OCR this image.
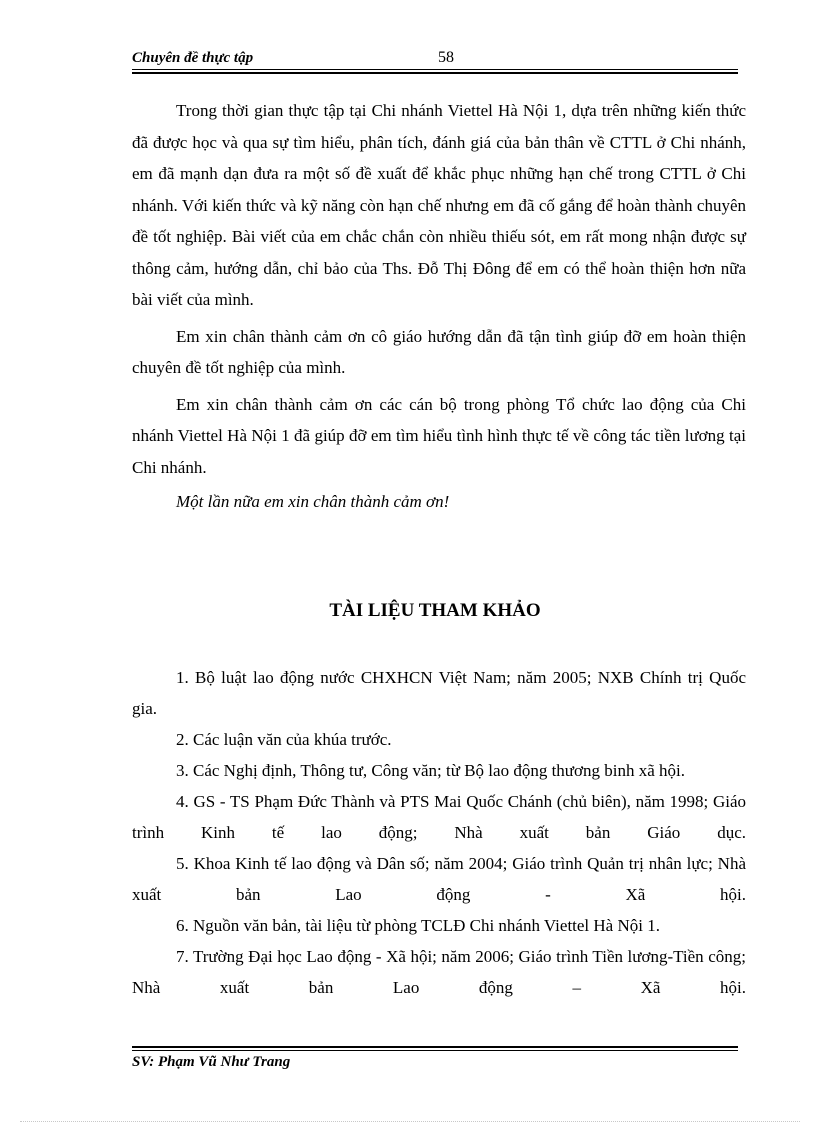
Chuyên đề thực tập	58

Trong thời gian thực tập tại Chi nhánh Viettel Hà Nội 1, dựa trên những kiến thức đã được học và qua sự tìm hiểu, phân tích, đánh giá của bản thân về CTTL ở Chi nhánh, em đã mạnh dạn đưa ra một số đề xuất để khắc phục những hạn chế trong CTTL ở Chi nhánh. Với kiến thức và kỹ năng còn hạn chế nhưng em đã cố gắng để hoàn thành chuyên đề tốt nghiệp. Bài viết của em chắc chắn còn nhiều thiếu sót, em rất mong nhận được sự thông cảm, hướng dẫn, chỉ bảo của Ths. Đỗ Thị Đông để em có thể hoàn thiện hơn nữa bài viết của mình.

Em xin chân thành cảm ơn cô giáo hướng dẫn đã tận tình giúp đỡ em hoàn thiện chuyên đề tốt nghiệp của mình.

Em xin chân thành cảm ơn các cán bộ trong phòng Tổ chức lao động của Chi nhánh Viettel Hà Nội 1 đã giúp đỡ em tìm hiểu tình hình thực tế về công tác tiền lương tại Chi nhánh.

Một lần nữa em xin chân thành cảm ơn!

TÀI LIỆU THAM KHẢO

1. Bộ luật lao động nước CHXHCN Việt Nam; năm 2005; NXB Chính trị Quốc gia.

2. Các luận văn của khúa trước.

3. Các Nghị định, Thông tư, Công văn; từ Bộ lao động thương binh xã hội.

4. GS - TS Phạm Đức Thành và PTS Mai Quốc Chánh (chủ biên), năm 1998; Giáo trình Kinh tế lao động; Nhà xuất bản Giáo dục.

5. Khoa Kinh tế lao động và Dân số; năm 2004; Giáo trình Quản trị nhân lực; Nhà xuất bản Lao động - Xã hội.

6. Nguồn văn bản, tài liệu từ phòng TCLĐ Chi nhánh Viettel Hà Nội 1.

7. Trường Đại học Lao động - Xã hội; năm 2006; Giáo trình Tiền lương-Tiền công; Nhà xuất bản Lao động – Xã hội.

SV: Phạm Vũ Như Trang
